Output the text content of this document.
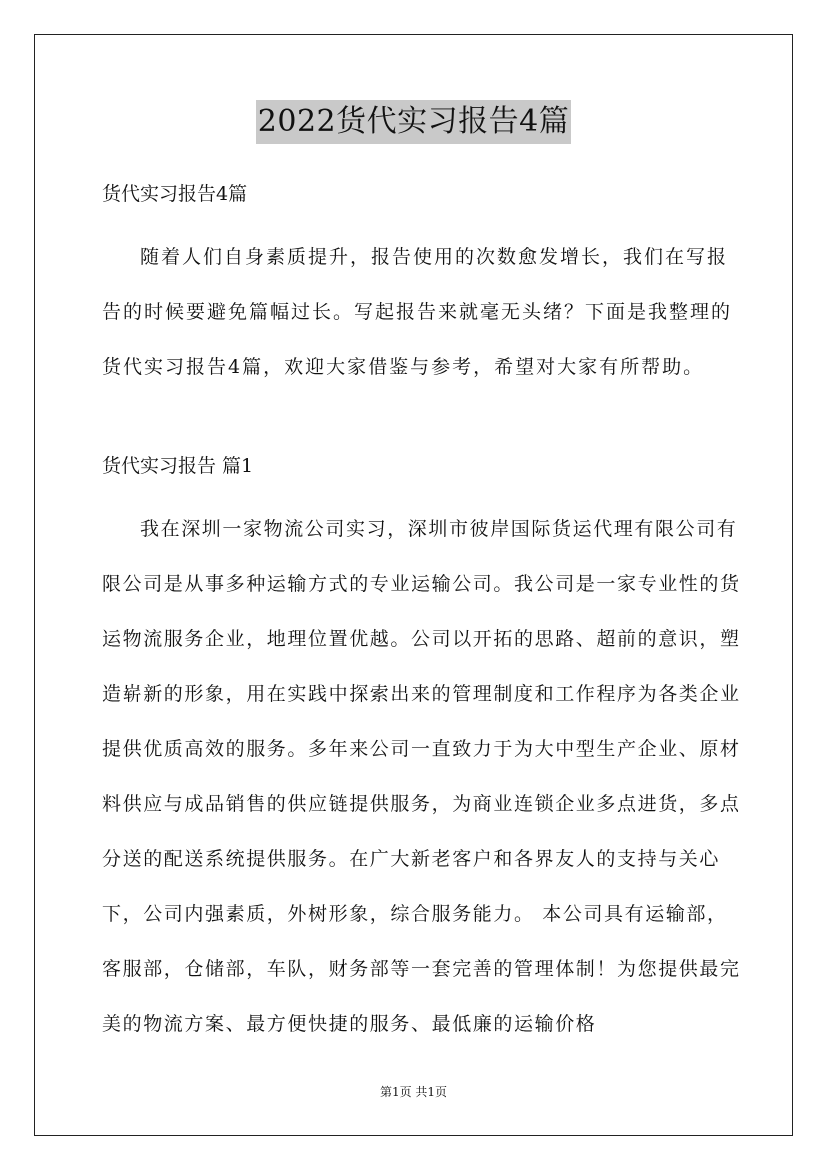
2022货代实习报告4篇

货代实习报告4篇

随着人们自身素质提升，报告使用的次数愈发增长，我们在写报告的时候要避免篇幅过长。写起报告来就毫无头绪？下面是我整理的货代实习报告4篇，欢迎大家借鉴与参考，希望对大家有所帮助。

货代实习报告 篇1

我在深圳一家物流公司实习，深圳市彼岸国际货运代理有限公司有限公司是从事多种运输方式的专业运输公司。我公司是一家专业性的货运物流服务企业，地理位置优越。公司以开拓的思路、超前的意识，塑造崭新的形象，用在实践中探索出来的管理制度和工作程序为各类企业提供优质高效的服务。多年来公司一直致力于为大中型生产企业、原材料供应与成品销售的供应链提供服务，为商业连锁企业多点进货，多点分送的配送系统提供服务。在广大新老客户和各界友人的支持与关心下，公司内强素质，外树形象，综合服务能力。 本公司具有运输部，客服部，仓储部，车队，财务部等一套完善的管理体制！为您提供最完美的物流方案、最方便快捷的服务、最低廉的运输价格

第1页 共1页
